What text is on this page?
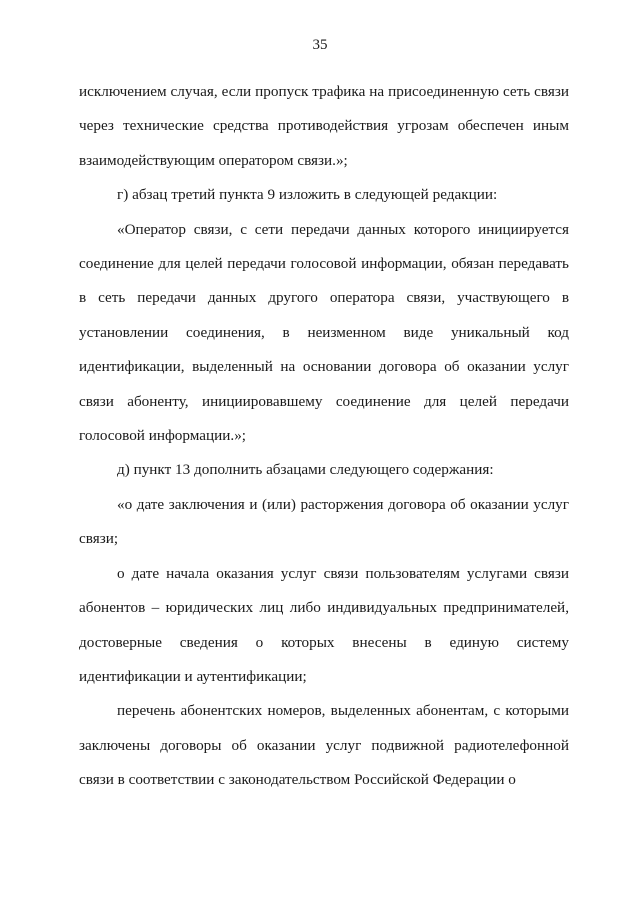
35

исключением случая, если пропуск трафика на присоединенную сеть связи через технические средства противодействия угрозам обеспечен иным взаимодействующим оператором связи.»;

г) абзац третий пункта 9 изложить в следующей редакции:

«Оператор связи, с сети передачи данных которого инициируется соединение для целей передачи голосовой информации, обязан передавать в сеть передачи данных другого оператора связи, участвующего в установлении соединения, в неизменном виде уникальный код идентификации, выделенный на основании договора об оказании услуг связи абоненту, инициировавшему соединение для целей передачи голосовой информации.»;

д) пункт 13 дополнить абзацами следующего содержания:

«о дате заключения и (или) расторжения договора об оказании услуг связи;

о дате начала оказания услуг связи пользователям услугами связи абонентов – юридических лиц либо индивидуальных предпринимателей, достоверные сведения о которых внесены в единую систему идентификации и аутентификации;

перечень абонентских номеров, выделенных абонентам, с которыми заключены договоры об оказании услуг подвижной радиотелефонной связи в соответствии с законодательством Российской Федерации о
